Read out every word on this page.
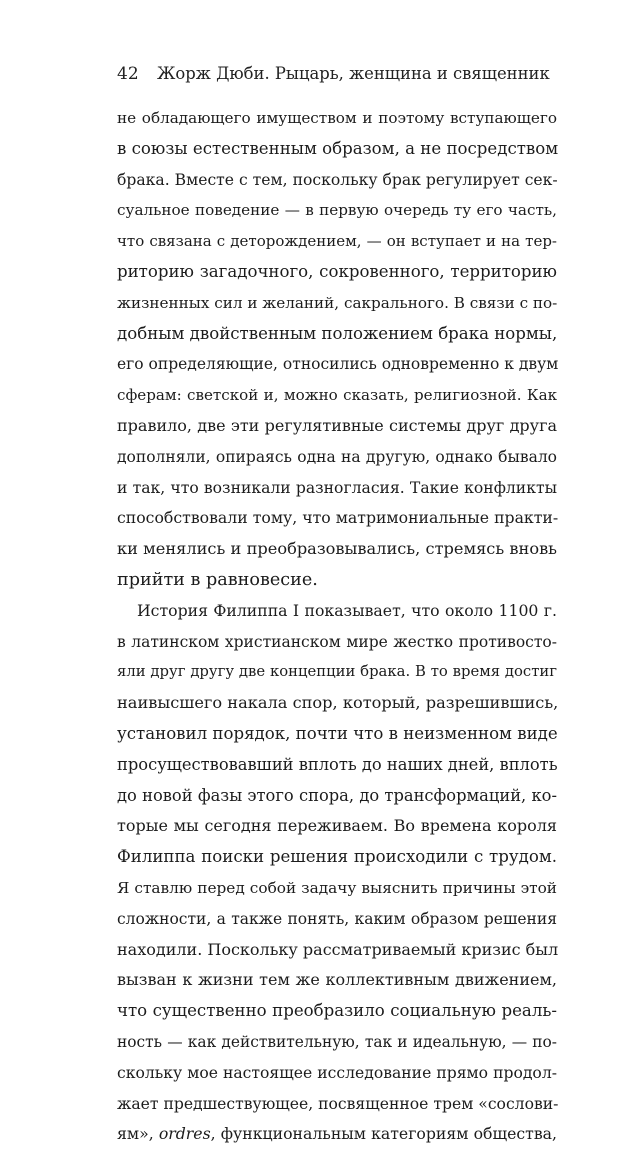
42 Жорж Дюби. Рыцарь, женщина и священник
не обладающего имуществом и поэтому вступающего
в союзы естественным образом, а не посредством
брака. Вместе с тем, поскольку брак регулирует сек-
суальное поведение — в первую очередь ту его часть,
что связана с деторождением, — он вступает и на тер-
риторию загадочного, сокровенного, территорию
жизненных сил и желаний, сакрального. В связи с по-
добным двойственным положением брака нормы,
его определяющие, относились одновременно к двум
сферам: светской и, можно сказать, религиозной. Как
правило, две эти регулятивные системы друг друга
дополняли, опираясь одна на другую, однако бывало
и так, что возникали разногласия. Такие конфликты
способствовали тому, что матримониальные практи-
ки менялись и преобразовывались, стремясь вновь
прийти в равновесие.
История Филиппа I показывает, что около 1100 г.
в латинском христианском мире жестко противосто-
яли друг другу две концепции брака. В то время достиг
наивысшего накала спор, который, разрешившись,
установил порядок, почти что в неизменном виде
просуществовавший вплоть до наших дней, вплоть
до новой фазы этого спора, до трансформаций, ко-
торые мы сегодня переживаем. Во времена короля
Филиппа поиски решения происходили с трудом.
Я ставлю перед собой задачу выяснить причины этой
сложности, а также понять, каким образом решения
находили. Поскольку рассматриваемый кризис был
вызван к жизни тем же коллективным движением,
что существенно преобразило социальную реаль-
ность — как действительную, так и идеальную, — по-
скольку мое настоящее исследование прямо продол-
жает предшествующее, посвященное трем «сослови-
ям», ordres, функциональным категориям общества,
